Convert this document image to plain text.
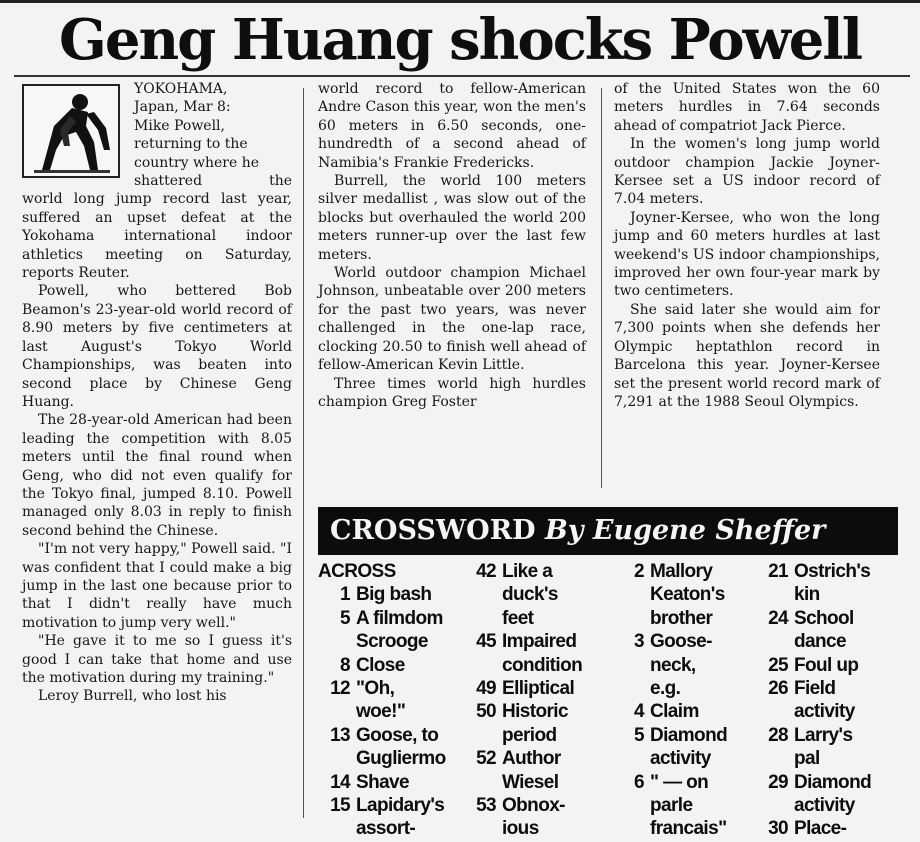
Geng Huang shocks Powell
YOKOHAMA,
Japan, Mar 8:
Mike Powell,
returning to the
country where he
shattered the

world long jump record last year, suffered an upset defeat at the Yokohama international indoor athletics meeting on Saturday, reports Reuter.

Powell, who bettered Bob Beamon's 23-year-old world record of 8.90 meters by five centimeters at last August's Tokyo World Championships, was beaten into second place by Chinese Geng Huang.

The 28-year-old American had been leading the competition with 8.05 meters until the final round when Geng, who did not even qualify for the Tokyo final, jumped 8.10. Powell managed only 8.03 in reply to finish second behind the Chinese.

"I'm not very happy," Powell said. "I was confident that I could make a big jump in the last one because prior to that I didn't really have much motivation to jump very well."

"He gave it to me so I guess it's good I can take that home and use the motivation during my training."

Leroy Burrell, who lost his

world record to fellow-American Andre Cason this year, won the men's 60 meters in 6.50 seconds, one-hundredth of a second ahead of Namibia's Frankie Fredericks.

Burrell, the world 100 meters silver medallist , was slow out of the blocks but overhauled the world 200 meters runner-up over the last few meters.

World outdoor champion Michael Johnson, unbeatable over 200 meters for the past two years, was never challenged in the one-lap race, clocking 20.50 to finish well ahead of fellow-American Kevin Little.

Three times world high hurdles champion Greg Foster

of the United States won the 60 meters hurdles in 7.64 seconds ahead of compatriot Jack Pierce.

In the women's long jump world outdoor champion Jackie Joyner-Kersee set a US indoor record of 7.04 meters.

Joyner-Kersee, who won the long jump and 60 meters hurdles at last weekend's US indoor championships, improved her own four-year mark by two centimeters.

She said later she would aim for 7,300 points when she defends her Olympic heptathlon record in Barcelona this year. Joyner-Kersee set the present world record mark of 7,291 at the 1988 Seoul Olympics.

CROSSWORD By Eugene Sheffer
ACROSS
1 Big bash
5 A filmdom
Scrooge
8 Close
12 "Oh,
woe!"
13 Goose, to
Gugliermo
14 Shave
15 Lapidary's
assort-
42 Like a
duck's
feet
45 Impaired
condition
49 Elliptical
50 Historic
period
52 Author
Wiesel
53 Obnox-
ious
2 Mallory
Keaton's
brother
3 Goose-
neck,
e.g.
4 Claim
5 Diamond
activity
6 " — on
parle
francais"
21 Ostrich's
kin
24 School
dance
25 Foul up
26 Field
activity
28 Larry's
pal
29 Diamond
activity
30 Place-
